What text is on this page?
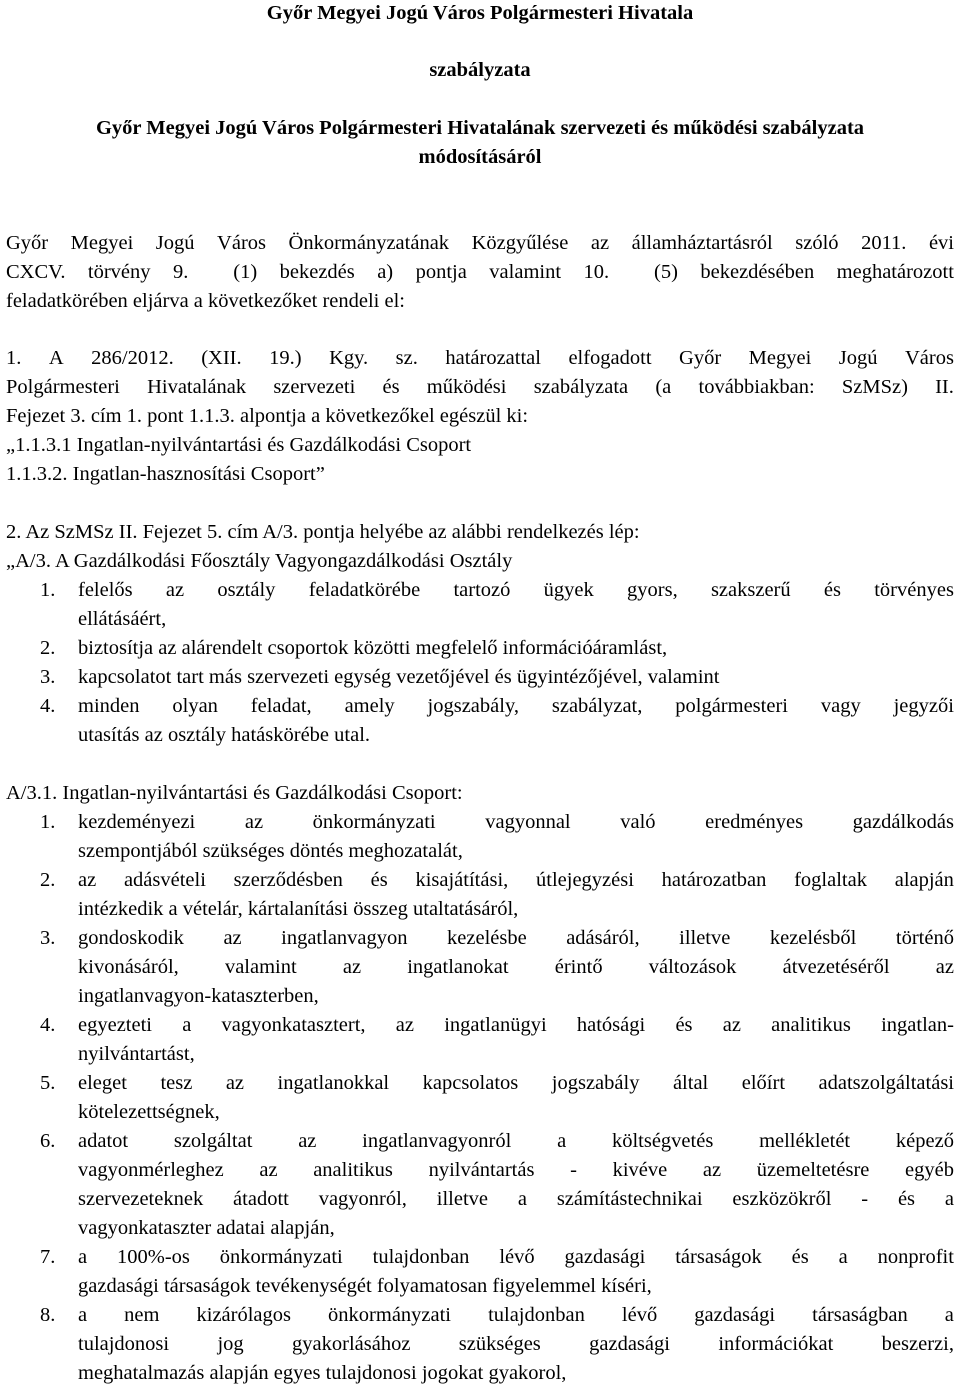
Győr Megyei Jogú Város Polgármesteri Hivatala
szabályzata
Győr Megyei Jogú Város Polgármesteri Hivatalának szervezeti és működési szabályzata
módosításáról
Győr Megyei Jogú Város Önkormányzatának Közgyűlése az államháztartásról szóló 2011. évi
CXCV. törvény 9. (1) bekezdés a) pontja valamint 10. (5) bekezdésében meghatározott
feladatkörében eljárva a következőket rendeli el:
1. A 286/2012. (XII. 19.) Kgy. sz. határozattal elfogadott Győr Megyei Jogú Város
Polgármesteri Hivatalának szervezeti és működési szabályzata (a továbbiakban: SzMSz) II.
Fejezet 3. cím 1. pont 1.1.3. alpontja a következőkel egészül ki:
„1.1.3.1 Ingatlan-nyilvántartási és Gazdálkodási Csoport
1.1.3.2. Ingatlan-hasznosítási Csoport”
2. Az SzMSz II. Fejezet 5. cím A/3. pontja helyébe az alábbi rendelkezés lép:
„A/3. A Gazdálkodási Főosztály Vagyongazdálkodási Osztály
1. felelős az osztály feladatkörébe tartozó ügyek gyors, szakszerű és törvényes
ellátásáért,
2. biztosítja az alárendelt csoportok közötti megfelelő információáramlást,
3. kapcsolatot tart más szervezeti egység vezetőjével és ügyintézőjével, valamint
4. minden olyan feladat, amely jogszabály, szabályzat, polgármesteri vagy jegyzői
utasítás az osztály hatáskörébe utal.
A/3.1. Ingatlan-nyilvántartási és Gazdálkodási Csoport:
1. kezdeményezi az önkormányzati vagyonnal való eredményes gazdálkodás
szempontjából szükséges döntés meghozatalát,
2. az adásvételi szerződésben és kisajátítási, útlejegyzési határozatban foglaltak alapján
intézkedik a vételár, kártalanítási összeg utaltatásáról,
3. gondoskodik az ingatlanvagyon kezelésbe adásáról, illetve kezelésből történő
kivonásáról, valamint az ingatlanokat érintő változások átvezetéséről az
ingatlanvagyon-kataszterben,
4. egyezteti a vagyonkatasztert, az ingatlanügyi hatósági és az analitikus ingatlan-
nyilvántartást,
5. eleget tesz az ingatlanokkal kapcsolatos jogszabály által előírt adatszolgáltatási
kötelezettségnek,
6. adatot szolgáltat az ingatlanvagyonról a költségvetés mellékletét képező
vagyonmérleghez az analitikus nyilvántartás - kivéve az üzemeltetésre egyéb
szervezeteknek átadott vagyonról, illetve a számítástechnikai eszközökről - és a
vagyonkataszter adatai alapján,
7. a 100%-os önkormányzati tulajdonban lévő gazdasági társaságok és a nonprofit
gazdasági társaságok tevékenységét folyamatosan figyelemmel kíséri,
8. a nem kizárólagos önkormányzati tulajdonban lévő gazdasági társaságban a
tulajdonosi jog gyakorlásához szükséges gazdasági információkat beszerzi,
meghatalmazás alapján egyes tulajdonosi jogokat gyakorol,
